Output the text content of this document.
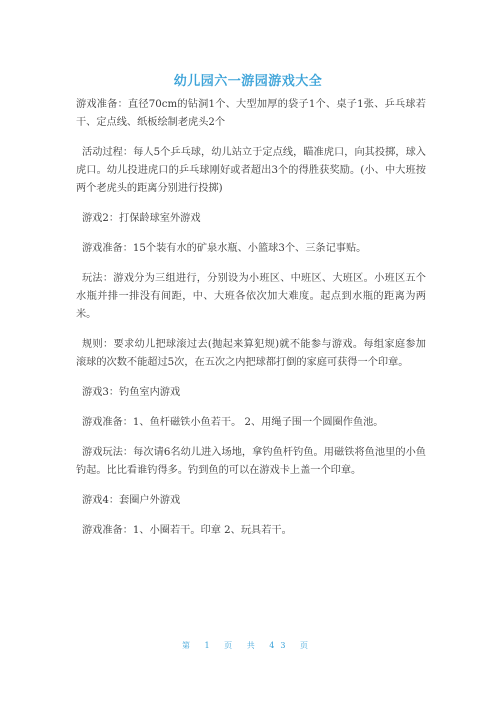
幼儿园六一游园游戏大全

游戏准备：直径70cm的钻洞1个、大型加厚的袋子1个、桌子1张、乒乓球若干、定点线、纸板绘制老虎头2个

活动过程：每人5个乒乓球，幼儿站立于定点线，瞄准虎口，向其投掷，球入虎口。幼儿投进虎口的乒乓球刚好或者超出3个的得胜获奖励。(小、中大班按两个老虎头的距离分别进行投掷)

游戏2：打保龄球室外游戏

游戏准备：15个装有水的矿泉水瓶、小篮球3个、三条记事贴。

玩法：游戏分为三组进行，分别设为小班区、中班区、大班区。小班区五个水瓶并排一排没有间距，中、大班各依次加大难度。起点到水瓶的距离为两米。

规则：要求幼儿把球滚过去(抛起来算犯规)就不能参与游戏。每组家庭参加滚球的次数不能超过5次，在五次之内把球都打倒的家庭可获得一个印章。

游戏3：钓鱼室内游戏

游戏准备：1、鱼杆磁铁小鱼若干。 2、用绳子围一个圆圈作鱼池。

游戏玩法：每次请6名幼儿进入场地，拿钓鱼杆钓鱼。用磁铁将鱼池里的小鱼钓起。比比看谁钓得多。钓到鱼的可以在游戏卡上盖一个印章。

游戏4：套圈户外游戏

游戏准备：1、小圈若干。印章 2、玩具若干。

第 1 页 共 43 页
